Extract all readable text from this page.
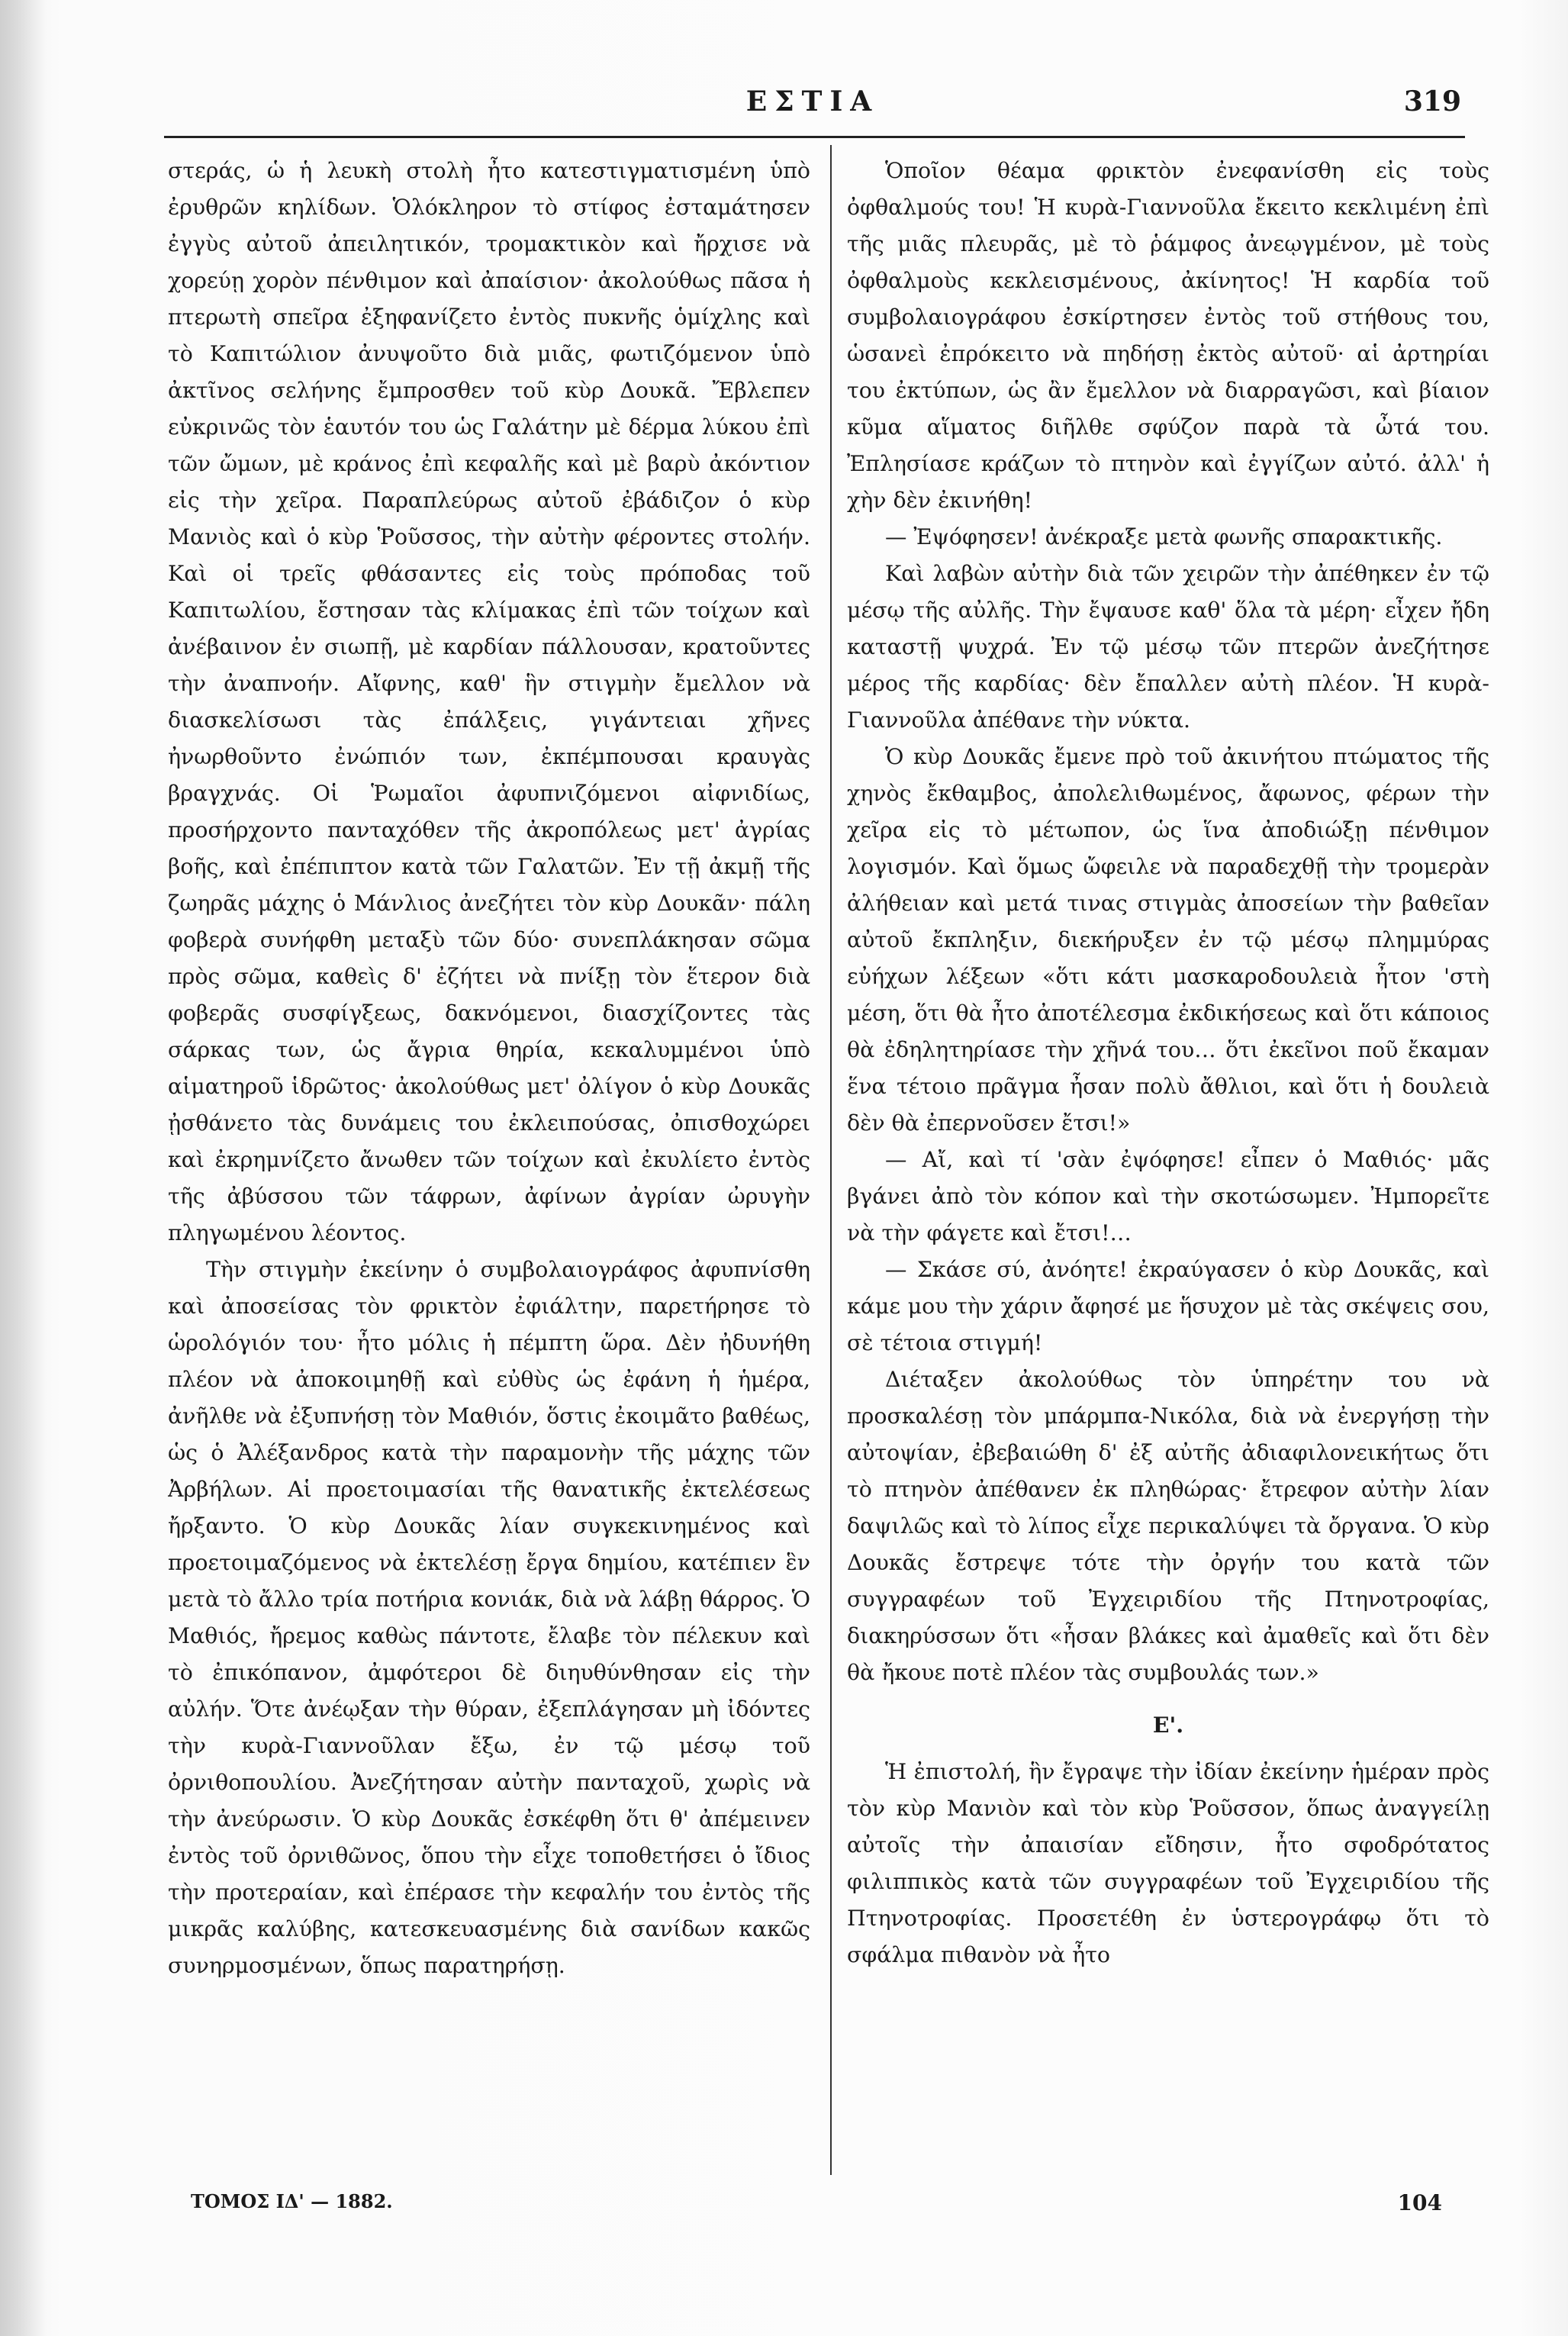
ΕΣΤΙΑ	319

στεράς, ὡ ἡ λευκὴ στολὴ ἦτο κατεστιγματισμένη ὑπὸ ἐρυθρῶν κηλίδων. Ὁλόκληρον τὸ στίφος ἐσταμάτησεν ἐγγὺς αὐτοῦ ἀπειλητικόν, τρομακτικὸν καὶ ἤρχισε νὰ χορεύῃ χορὸν πένθιμον καὶ ἀπαίσιον· ἀκολούθως πᾶσα ἡ πτερωτὴ σπεῖρα ἐξηφανίζετο ἐντὸς πυκνῆς ὁμίχλης καὶ τὸ Καπιτώλιον ἀνυψοῦτο διὰ μιᾶς, φωτιζόμενον ὑπὸ ἀκτῖνος σελήνης ἔμπροσθεν τοῦ κὺρ Δουκᾶ. Ἔβλεπεν εὐκρινῶς τὸν ἑαυτόν του ὡς Γαλάτην μὲ δέρμα λύκου ἐπὶ τῶν ὤμων, μὲ κράνος ἐπὶ κεφαλῆς καὶ μὲ βαρὺ ἀκόντιον εἰς τὴν χεῖρα. Παραπλεύρως αὐτοῦ ἐβάδιζον ὁ κὺρ Μανιὸς καὶ ὁ κὺρ Ῥοῦσσος, τὴν αὐτὴν φέροντες στολήν. Καὶ οἱ τρεῖς φθάσαντες εἰς τοὺς πρόποδας τοῦ Καπιτωλίου, ἔστησαν τὰς κλίμακας ἐπὶ τῶν τοίχων καὶ ἀνέβαινον ἐν σιωπῇ, μὲ καρδίαν πάλλουσαν, κρατοῦντες τὴν ἀναπνοήν. Αἴφνης, καθ' ἣν στιγμὴν ἔμελλον νὰ διασκελίσωσι τὰς ἐπάλξεις, γιγάντειαι χῆνες ἠνωρθοῦντο ἐνώπιόν των, ἐκπέμπουσαι κραυγὰς βραγχνάς. Οἱ Ῥωμαῖοι ἀφυπνιζόμενοι αἰφνιδίως, προσήρχοντο πανταχόθεν τῆς ἀκροπόλεως μετ' ἀγρίας βοῆς, καὶ ἐπέπιπτον κατὰ τῶν Γαλατῶν. Ἐν τῇ ἀκμῇ τῆς ζωηρᾶς μάχης ὁ Μάνλιος ἀνεζήτει τὸν κὺρ Δουκᾶν· πάλη φοβερὰ συνήφθη μεταξὺ τῶν δύο· συνεπλάκησαν σῶμα πρὸς σῶμα, καθεὶς δ' ἐζήτει νὰ πνίξῃ τὸν ἕτερον διὰ φοβερᾶς συσφίγξεως, δακνόμενοι, διασχίζοντες τὰς σάρκας των, ὡς ἄγρια θηρία, κεκαλυμμένοι ὑπὸ αἱματηροῦ ἱδρῶτος· ἀκολούθως μετ' ὀλίγον ὁ κὺρ Δουκᾶς ᾐσθάνετο τὰς δυνάμεις του ἐκλειπούσας, ὀπισθοχώρει καὶ ἐκρημνίζετο ἄνωθεν τῶν τοίχων καὶ ἐκυλίετο ἐντὸς τῆς ἀβύσσου τῶν τάφρων, ἀφίνων ἀγρίαν ὠρυγὴν πληγωμένου λέοντος.

Τὴν στιγμὴν ἐκείνην ὁ συμβολαιογράφος ἀφυπνίσθη καὶ ἀποσείσας τὸν φρικτὸν ἐφιάλτην, παρετήρησε τὸ ὡρολόγιόν του· ἦτο μόλις ἡ πέμπτη ὥρα. Δὲν ἠδυνήθη πλέον νὰ ἀποκοιμηθῇ καὶ εὐθὺς ὡς ἐφάνη ἡ ἡμέρα, ἀνῆλθε νὰ ἐξυπνήσῃ τὸν Μαθιόν, ὅστις ἐκοιμᾶτο βαθέως, ὡς ὁ Ἀλέξανδρος κατὰ τὴν παραμονὴν τῆς μάχης τῶν Ἀρβήλων. Αἱ προετοιμασίαι τῆς θανατικῆς ἐκτελέσεως ἤρξαντο. Ὁ κὺρ Δουκᾶς λίαν συγκεκινημένος καὶ προετοιμαζόμενος νὰ ἐκτελέσῃ ἔργα δημίου, κατέπιεν ἓν μετὰ τὸ ἄλλο τρία ποτήρια κονιάκ, διὰ νὰ λάβῃ θάρρος. Ὁ Μαθιός, ἤρεμος καθὼς πάντοτε, ἔλαβε τὸν πέλεκυν καὶ τὸ ἐπικόπανον, ἀμφότεροι δὲ διηυθύνθησαν εἰς τὴν αὐλήν. Ὅτε ἀνέῳξαν τὴν θύραν, ἐξεπλάγησαν μὴ ἰδόντες τὴν κυρὰ-Γιαννοῦλαν ἔξω, ἐν τῷ μέσῳ τοῦ ὀρνιθοπουλίου. Ἀνεζήτησαν αὐτὴν πανταχοῦ, χωρὶς νὰ τὴν ἀνεύρωσιν. Ὁ κὺρ Δουκᾶς ἐσκέφθη ὅτι θ' ἀπέμεινεν ἐντὸς τοῦ ὀρνιθῶνος, ὅπου τὴν εἶχε τοποθετήσει ὁ ἴδιος τὴν προτεραίαν, καὶ ἐπέρασε τὴν κεφαλήν του ἐντὸς τῆς μικρᾶς καλύβης, κατεσκευασμένης διὰ σανίδων κακῶς συνηρμοσμένων, ὅπως παρατηρήσῃ.

Ὁποῖον θέαμα φρικτὸν ἐνεφανίσθη εἰς τοὺς ὀφθαλμούς του! Ἡ κυρὰ-Γιαννοῦλα ἔκειτο κεκλιμένη ἐπὶ τῆς μιᾶς πλευρᾶς, μὲ τὸ ῥάμφος ἀνεῳγμένον, μὲ τοὺς ὀφθαλμοὺς κεκλεισμένους, ἀκίνητος! Ἡ καρδία τοῦ συμβολαιογράφου ἐσκίρτησεν ἐντὸς τοῦ στήθους του, ὡσανεὶ ἐπρόκειτο νὰ πηδήσῃ ἐκτὸς αὐτοῦ· αἱ ἀρτηρίαι του ἐκτύπων, ὡς ἂν ἔμελλον νὰ διαρραγῶσι, καὶ βίαιον κῦμα αἵματος διῆλθε σφύζον παρὰ τὰ ὦτά του. Ἐπλησίασε κράζων τὸ πτηνὸν καὶ ἐγγίζων αὐτό. ἀλλ' ἡ χὴν δὲν ἐκινήθη!

— Ἐψόφησεν! ἀνέκραξε μετὰ φωνῆς σπαρακτικῆς.

Καὶ λαβὼν αὐτὴν διὰ τῶν χειρῶν τὴν ἀπέθηκεν ἐν τῷ μέσῳ τῆς αὐλῆς. Τὴν ἔψαυσε καθ' ὅλα τὰ μέρη· εἶχεν ἤδη καταστῇ ψυχρά. Ἐν τῷ μέσῳ τῶν πτερῶν ἀνεζήτησε μέρος τῆς καρδίας· δὲν ἔπαλλεν αὐτὴ πλέον. Ἡ κυρὰ-Γιαννοῦλα ἀπέθανε τὴν νύκτα.

Ὁ κὺρ Δουκᾶς ἔμενε πρὸ τοῦ ἀκινήτου πτώματος τῆς χηνὸς ἔκθαμβος, ἀπολελιθωμένος, ἄφωνος, φέρων τὴν χεῖρα εἰς τὸ μέτωπον, ὡς ἵνα ἀποδιώξῃ πένθιμον λογισμόν. Καὶ ὅμως ὤφειλε νὰ παραδεχθῇ τὴν τρομερὰν ἀλήθειαν καὶ μετά τινας στιγμὰς ἀποσείων τὴν βαθεῖαν αὐτοῦ ἔκπληξιν, διεκήρυξεν ἐν τῷ μέσῳ πλημμύρας εὐήχων λέξεων «ὅτι κάτι μασκαροδουλειὰ ἦτον 'στὴ μέση, ὅτι θὰ ἦτο ἀποτέλεσμα ἐκδικήσεως καὶ ὅτι κάποιος θὰ ἐδηλητηρίασε τὴν χῆνά του… ὅτι ἐκεῖνοι ποῦ ἔκαμαν ἕνα τέτοιο πρᾶγμα ἦσαν πολὺ ἄθλιοι, καὶ ὅτι ἡ δουλειὰ δὲν θὰ ἐπερνοῦσεν ἔτσι!»

— Αἴ, καὶ τί 'σὰν ἐψόφησε! εἶπεν ὁ Μαθιός· μᾶς βγάνει ἀπὸ τὸν κόπον καὶ τὴν σκοτώσωμεν. Ἠμπορεῖτε νὰ τὴν φάγετε καὶ ἔτσι!…

— Σκάσε σύ, ἀνόητε! ἐκραύγασεν ὁ κὺρ Δουκᾶς, καὶ κάμε μου τὴν χάριν ἄφησέ με ἥσυχον μὲ τὰς σκέψεις σου, σὲ τέτοια στιγμή!

Διέταξεν ἀκολούθως τὸν ὑπηρέτην του νὰ προσκαλέσῃ τὸν μπάρμπα-Νικόλα, διὰ νὰ ἐνεργήσῃ τὴν αὐτοψίαν, ἐβεβαιώθη δ' ἐξ αὐτῆς ἀδιαφιλονεικήτως ὅτι τὸ πτηνὸν ἀπέθανεν ἐκ πληθώρας· ἔτρεφον αὐτὴν λίαν δαψιλῶς καὶ τὸ λίπος εἶχε περικαλύψει τὰ ὄργανα. Ὁ κὺρ Δουκᾶς ἔστρεψε τότε τὴν ὀργήν του κατὰ τῶν συγγραφέων τοῦ Ἐγχειριδίου τῆς Πτηνοτροφίας, διακηρύσσων ὅτι «ἦσαν βλάκες καὶ ἀμαθεῖς καὶ ὅτι δὲν θὰ ἤκουε ποτὲ πλέον τὰς συμβουλάς των.»

Ε'.

Ἡ ἐπιστολή, ἣν ἔγραψε τὴν ἰδίαν ἐκείνην ἡμέραν πρὸς τὸν κὺρ Μανιὸν καὶ τὸν κὺρ Ῥοῦσσον, ὅπως ἀναγγείλῃ αὐτοῖς τὴν ἀπαισίαν εἴδησιν, ἦτο σφοδρότατος φιλιππικὸς κατὰ τῶν συγγραφέων τοῦ Ἐγχειριδίου τῆς Πτηνοτροφίας. Προσετέθη ἐν ὑστερογράφῳ ὅτι τὸ σφάλμα πιθανὸν νὰ ἦτο

ΤΟΜΟΣ ΙΔ' — 1882.	104
